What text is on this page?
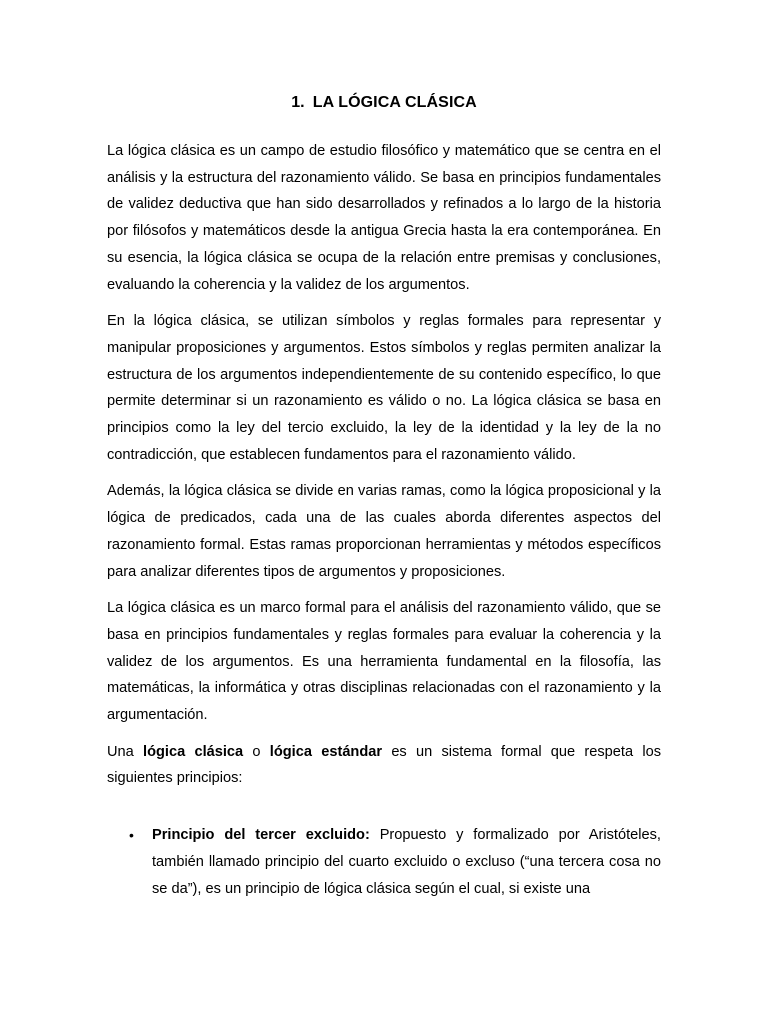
1. LA LÓGICA CLÁSICA

La lógica clásica es un campo de estudio filosófico y matemático que se centra en el análisis y la estructura del razonamiento válido. Se basa en principios fundamentales de validez deductiva que han sido desarrollados y refinados a lo largo de la historia por filósofos y matemáticos desde la antigua Grecia hasta la era contemporánea. En su esencia, la lógica clásica se ocupa de la relación entre premisas y conclusiones, evaluando la coherencia y la validez de los argumentos.

En la lógica clásica, se utilizan símbolos y reglas formales para representar y manipular proposiciones y argumentos. Estos símbolos y reglas permiten analizar la estructura de los argumentos independientemente de su contenido específico, lo que permite determinar si un razonamiento es válido o no. La lógica clásica se basa en principios como la ley del tercio excluido, la ley de la identidad y la ley de la no contradicción, que establecen fundamentos para el razonamiento válido.

Además, la lógica clásica se divide en varias ramas, como la lógica proposicional y la lógica de predicados, cada una de las cuales aborda diferentes aspectos del razonamiento formal. Estas ramas proporcionan herramientas y métodos específicos para analizar diferentes tipos de argumentos y proposiciones.

La lógica clásica es un marco formal para el análisis del razonamiento válido, que se basa en principios fundamentales y reglas formales para evaluar la coherencia y la validez de los argumentos. Es una herramienta fundamental en la filosofía, las matemáticas, la informática y otras disciplinas relacionadas con el razonamiento y la argumentación.

Una lógica clásica o lógica estándar es un sistema formal que respeta los siguientes principios:

• Principio del tercer excluido: Propuesto y formalizado por Aristóteles, también llamado principio del cuarto excluido o excluso (“una tercera cosa no se da”), es un principio de lógica clásica según el cual, si existe una
